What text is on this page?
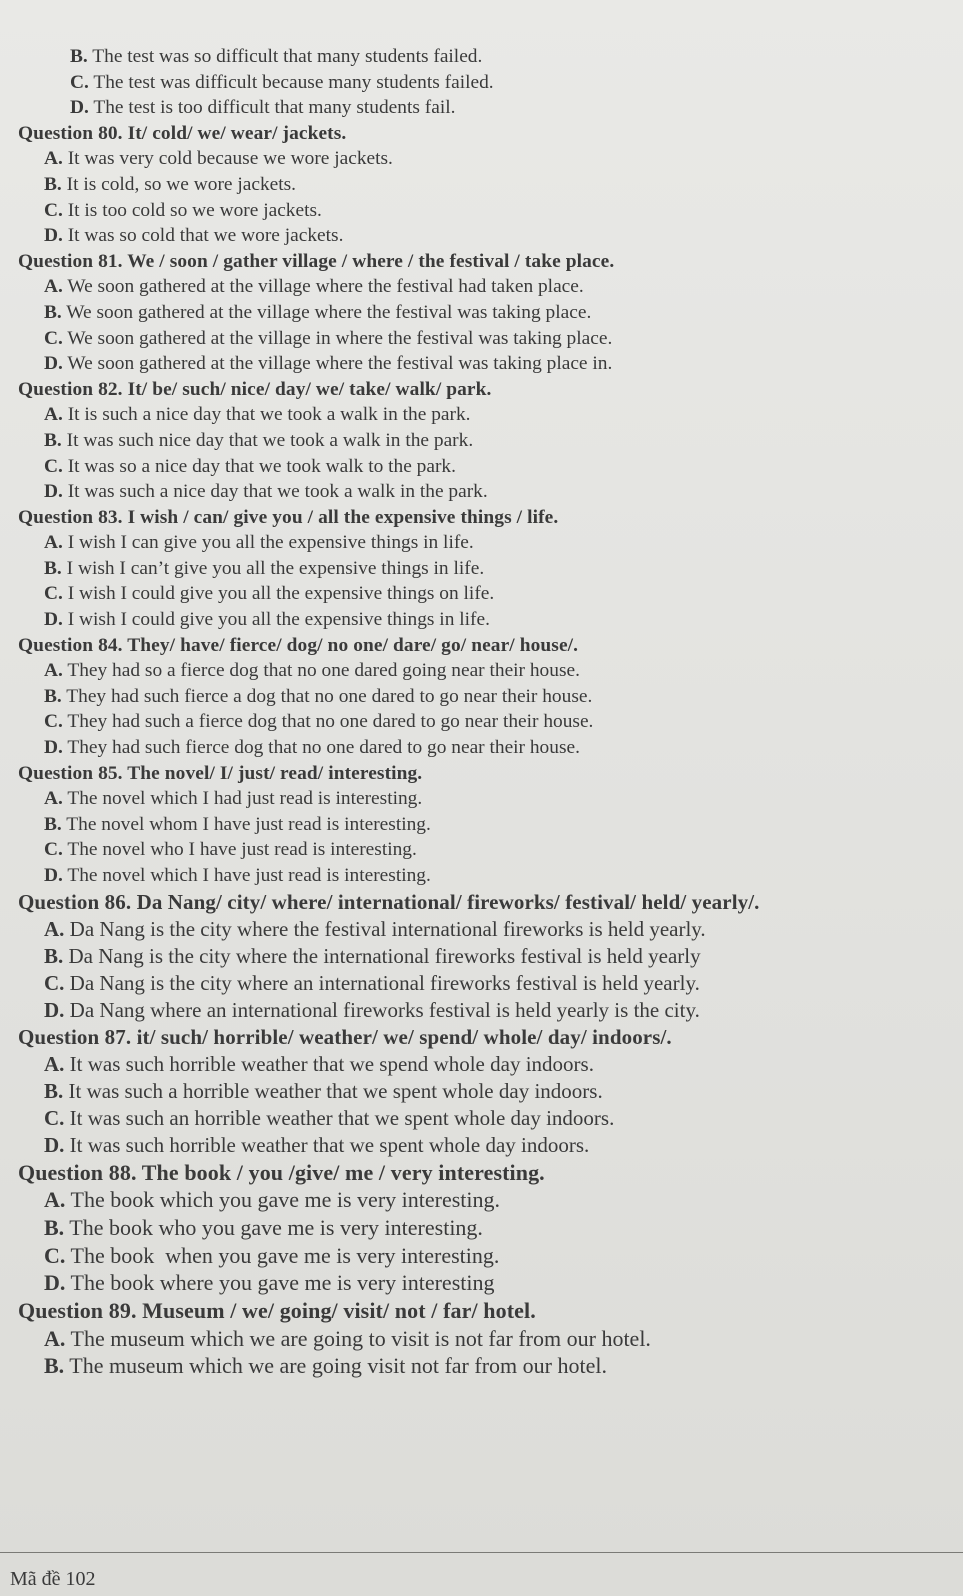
B. The test was so difficult that many students failed.
C. The test was difficult because many students failed.
D. The test is too difficult that many students fail.
Question 80. It/ cold/ we/ wear/ jackets.
A. It was very cold because we wore jackets.
B. It is cold, so we wore jackets.
C. It is too cold so we wore jackets.
D. It was so cold that we wore jackets.
Question 81. We / soon / gather village / where / the festival / take place.
A. We soon gathered at the village where the festival had taken place.
B. We soon gathered at the village where the festival was taking place.
C. We soon gathered at the village in where the festival was taking place.
D. We soon gathered at the village where the festival was taking place in.
Question 82. It/ be/ such/ nice/ day/ we/ take/ walk/ park.
A. It is such a nice day that we took a walk in the park.
B. It was such nice day that we took a walk in the park.
C. It was so a nice day that we took walk to the park.
D. It was such a nice day that we took a walk in the park.
Question 83. I wish / can/ give you / all the expensive things / life.
A. I wish I can give you all the expensive things in life.
B. I wish I can’t give you all the expensive things in life.
C. I wish I could give you all the expensive things on life.
D. I wish I could give you all the expensive things in life.
Question 84. They/ have/ fierce/ dog/ no one/ dare/ go/ near/ house/.
A. They had so a fierce dog that no one dared going near their house.
B. They had such fierce a dog that no one dared to go near their house.
C. They had such a fierce dog that no one dared to go near their house.
D. They had such fierce dog that no one dared to go near their house.
Question 85. The novel/ I/ just/ read/ interesting.
A. The novel which I had just read is interesting.
B. The novel whom I have just read is interesting.
C. The novel who I have just read is interesting.
D. The novel which I have just read is interesting.
Question 86. Da Nang/ city/ where/ international/ fireworks/ festival/ held/ yearly/.
A. Da Nang is the city where the festival international fireworks is held yearly.
B. Da Nang is the city where the international fireworks festival is held yearly
C. Da Nang is the city where an international fireworks festival is held yearly.
D. Da Nang where an international fireworks festival is held yearly is the city.
Question 87. it/ such/ horrible/ weather/ we/ spend/ whole/ day/ indoors/.
A. It was such horrible weather that we spend whole day indoors.
B. It was such a horrible weather that we spent whole day indoors.
C. It was such an horrible weather that we spent whole day indoors.
D. It was such horrible weather that we spent whole day indoors.
Question 88. The book / you /give/ me / very interesting.
A. The book which you gave me is very interesting.
B. The book who you gave me is very interesting.
C. The book  when you gave me is very interesting.
D. The book where you gave me is very interesting
Question 89. Museum / we/ going/ visit/ not / far/ hotel.
A. The museum which we are going to visit is not far from our hotel.
B. The museum which we are going visit not far from our hotel.
Mã đề 102
